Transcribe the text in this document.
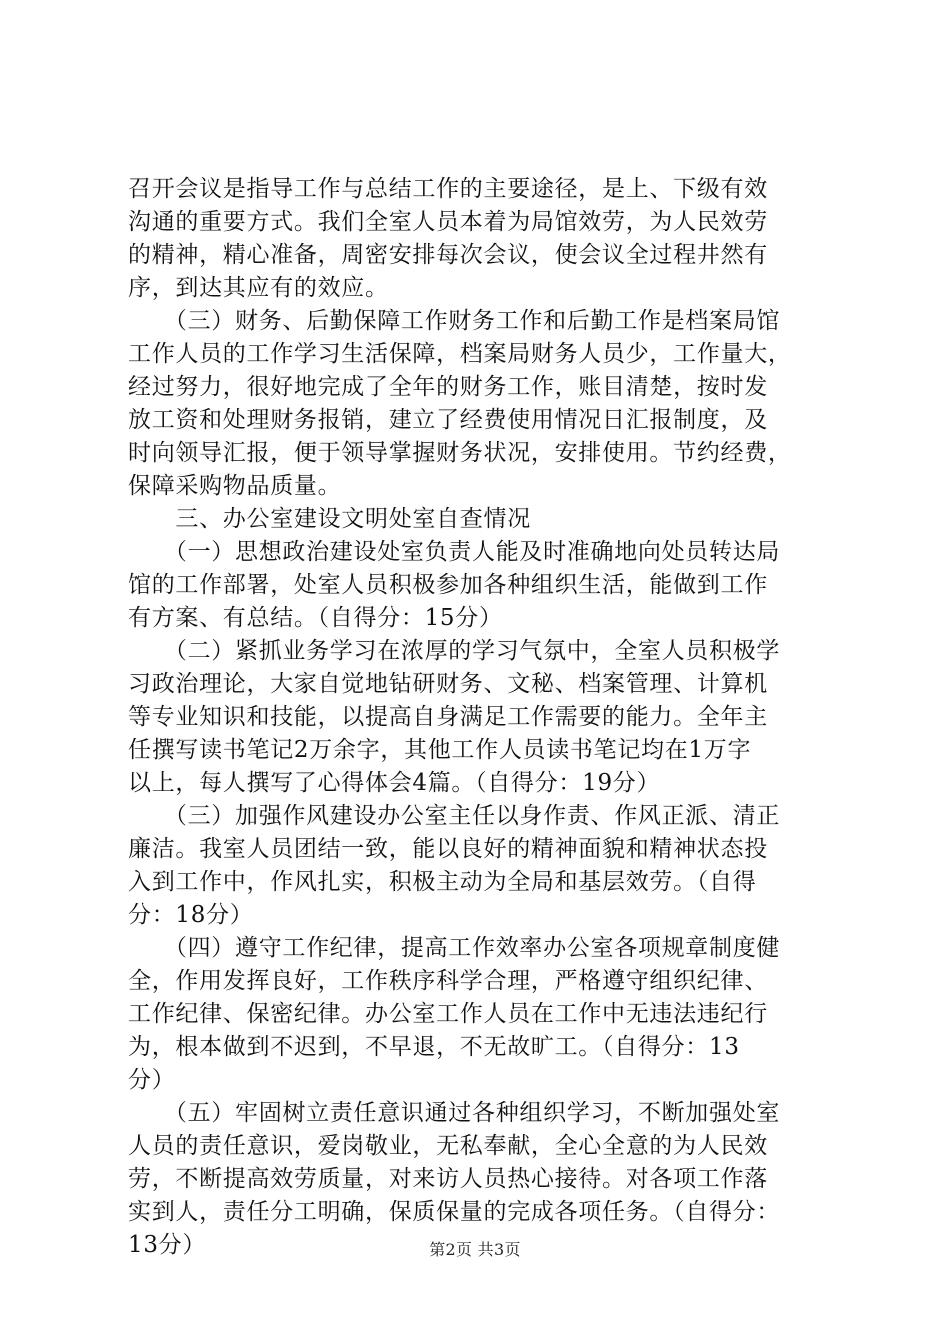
召开会议是指导工作与总结工作的主要途径，是上、下级有效
沟通的重要方式。我们全室人员本着为局馆效劳，为人民效劳
的精神，精心准备，周密安排每次会议，使会议全过程井然有
序，到达其应有的效应。
　　（三）财务、后勤保障工作财务工作和后勤工作是档案局馆
工作人员的工作学习生活保障，档案局财务人员少，工作量大，
经过努力，很好地完成了全年的财务工作，账目清楚，按时发
放工资和处理财务报销，建立了经费使用情况日汇报制度，及
时向领导汇报，便于领导掌握财务状况，安排使用。节约经费，
保障采购物品质量。
　　三、办公室建设文明处室自查情况
　　（一）思想政治建设处室负责人能及时准确地向处员转达局
馆的工作部署，处室人员积极参加各种组织生活，能做到工作
有方案、有总结。（自得分：15分）
　　（二）紧抓业务学习在浓厚的学习气氛中，全室人员积极学
习政治理论，大家自觉地钻研财务、文秘、档案管理、计算机
等专业知识和技能，以提高自身满足工作需要的能力。全年主
任撰写读书笔记2万余字，其他工作人员读书笔记均在1万字
以上，每人撰写了心得体会4篇。（自得分：19分）
　　（三）加强作风建设办公室主任以身作责、作风正派、清正
廉洁。我室人员团结一致，能以良好的精神面貌和精神状态投
入到工作中，作风扎实，积极主动为全局和基层效劳。（自得
分：18分）
　　（四）遵守工作纪律，提高工作效率办公室各项规章制度健
全，作用发挥良好，工作秩序科学合理，严格遵守组织纪律、
工作纪律、保密纪律。办公室工作人员在工作中无违法违纪行
为，根本做到不迟到，不早退，不无故旷工。（自得分：13
分）
　　（五）牢固树立责任意识通过各种组织学习，不断加强处室
人员的责任意识，爱岗敬业，无私奉献，全心全意的为人民效
劳，不断提高效劳质量，对来访人员热心接待。对各项工作落
实到人，责任分工明确，保质保量的完成各项任务。（自得分：
13分）	第2页 共3页
